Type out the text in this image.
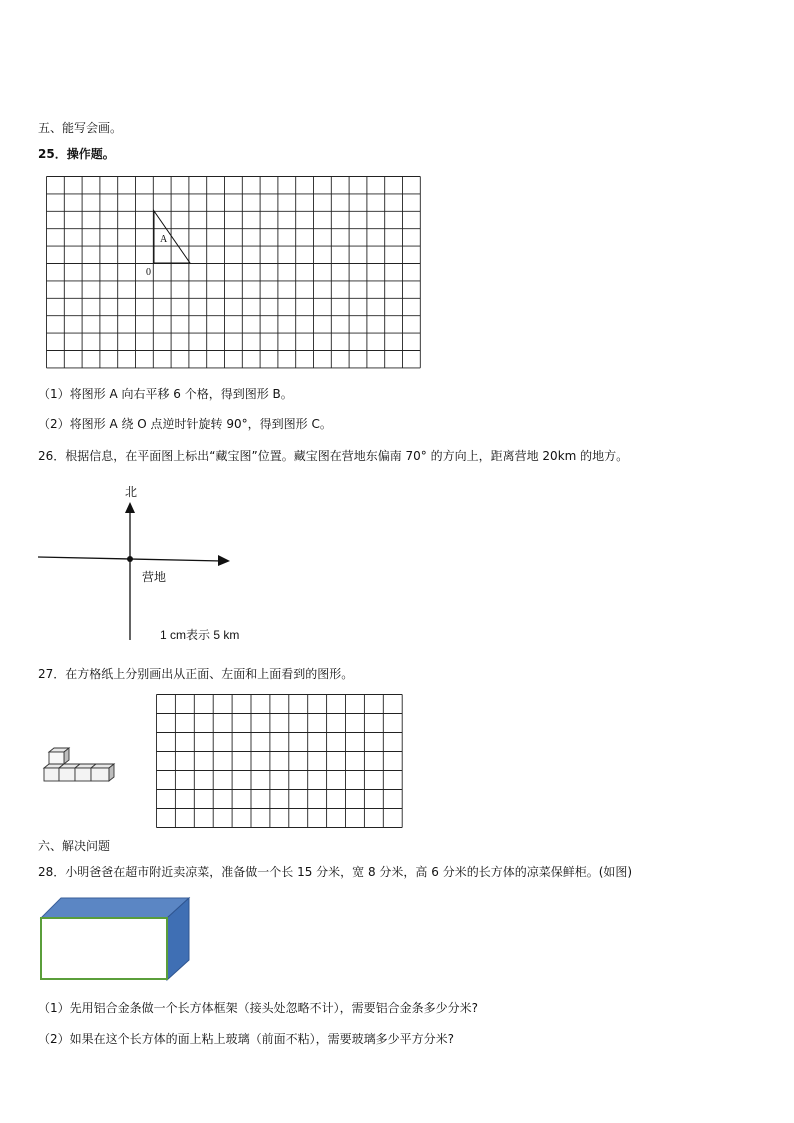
五、能写会画。
25．操作题。
A
0
（1）将图形 A 向右平移 6 个格，得到图形 B。
（2）将图形 A 绕 O 点逆时针旋转 90°，得到图形 C。
26．根据信息，在平面图上标出“藏宝图”位置。藏宝图在营地东偏南 70° 的方向上，距离营地 20km 的地方。
北
营地
1 cm表示 5 km
27．在方格纸上分别画出从正面、左面和上面看到的图形。
六、解决问题
28．小明爸爸在超市附近卖凉菜，准备做一个长 15 分米，宽 8 分米，高 6 分米的长方体的凉菜保鲜柜。(如图)
（1）先用铝合金条做一个长方体框架（接头处忽略不计），需要铝合金条多少分米?
（2）如果在这个长方体的面上粘上玻璃（前面不粘），需要玻璃多少平方分米?
